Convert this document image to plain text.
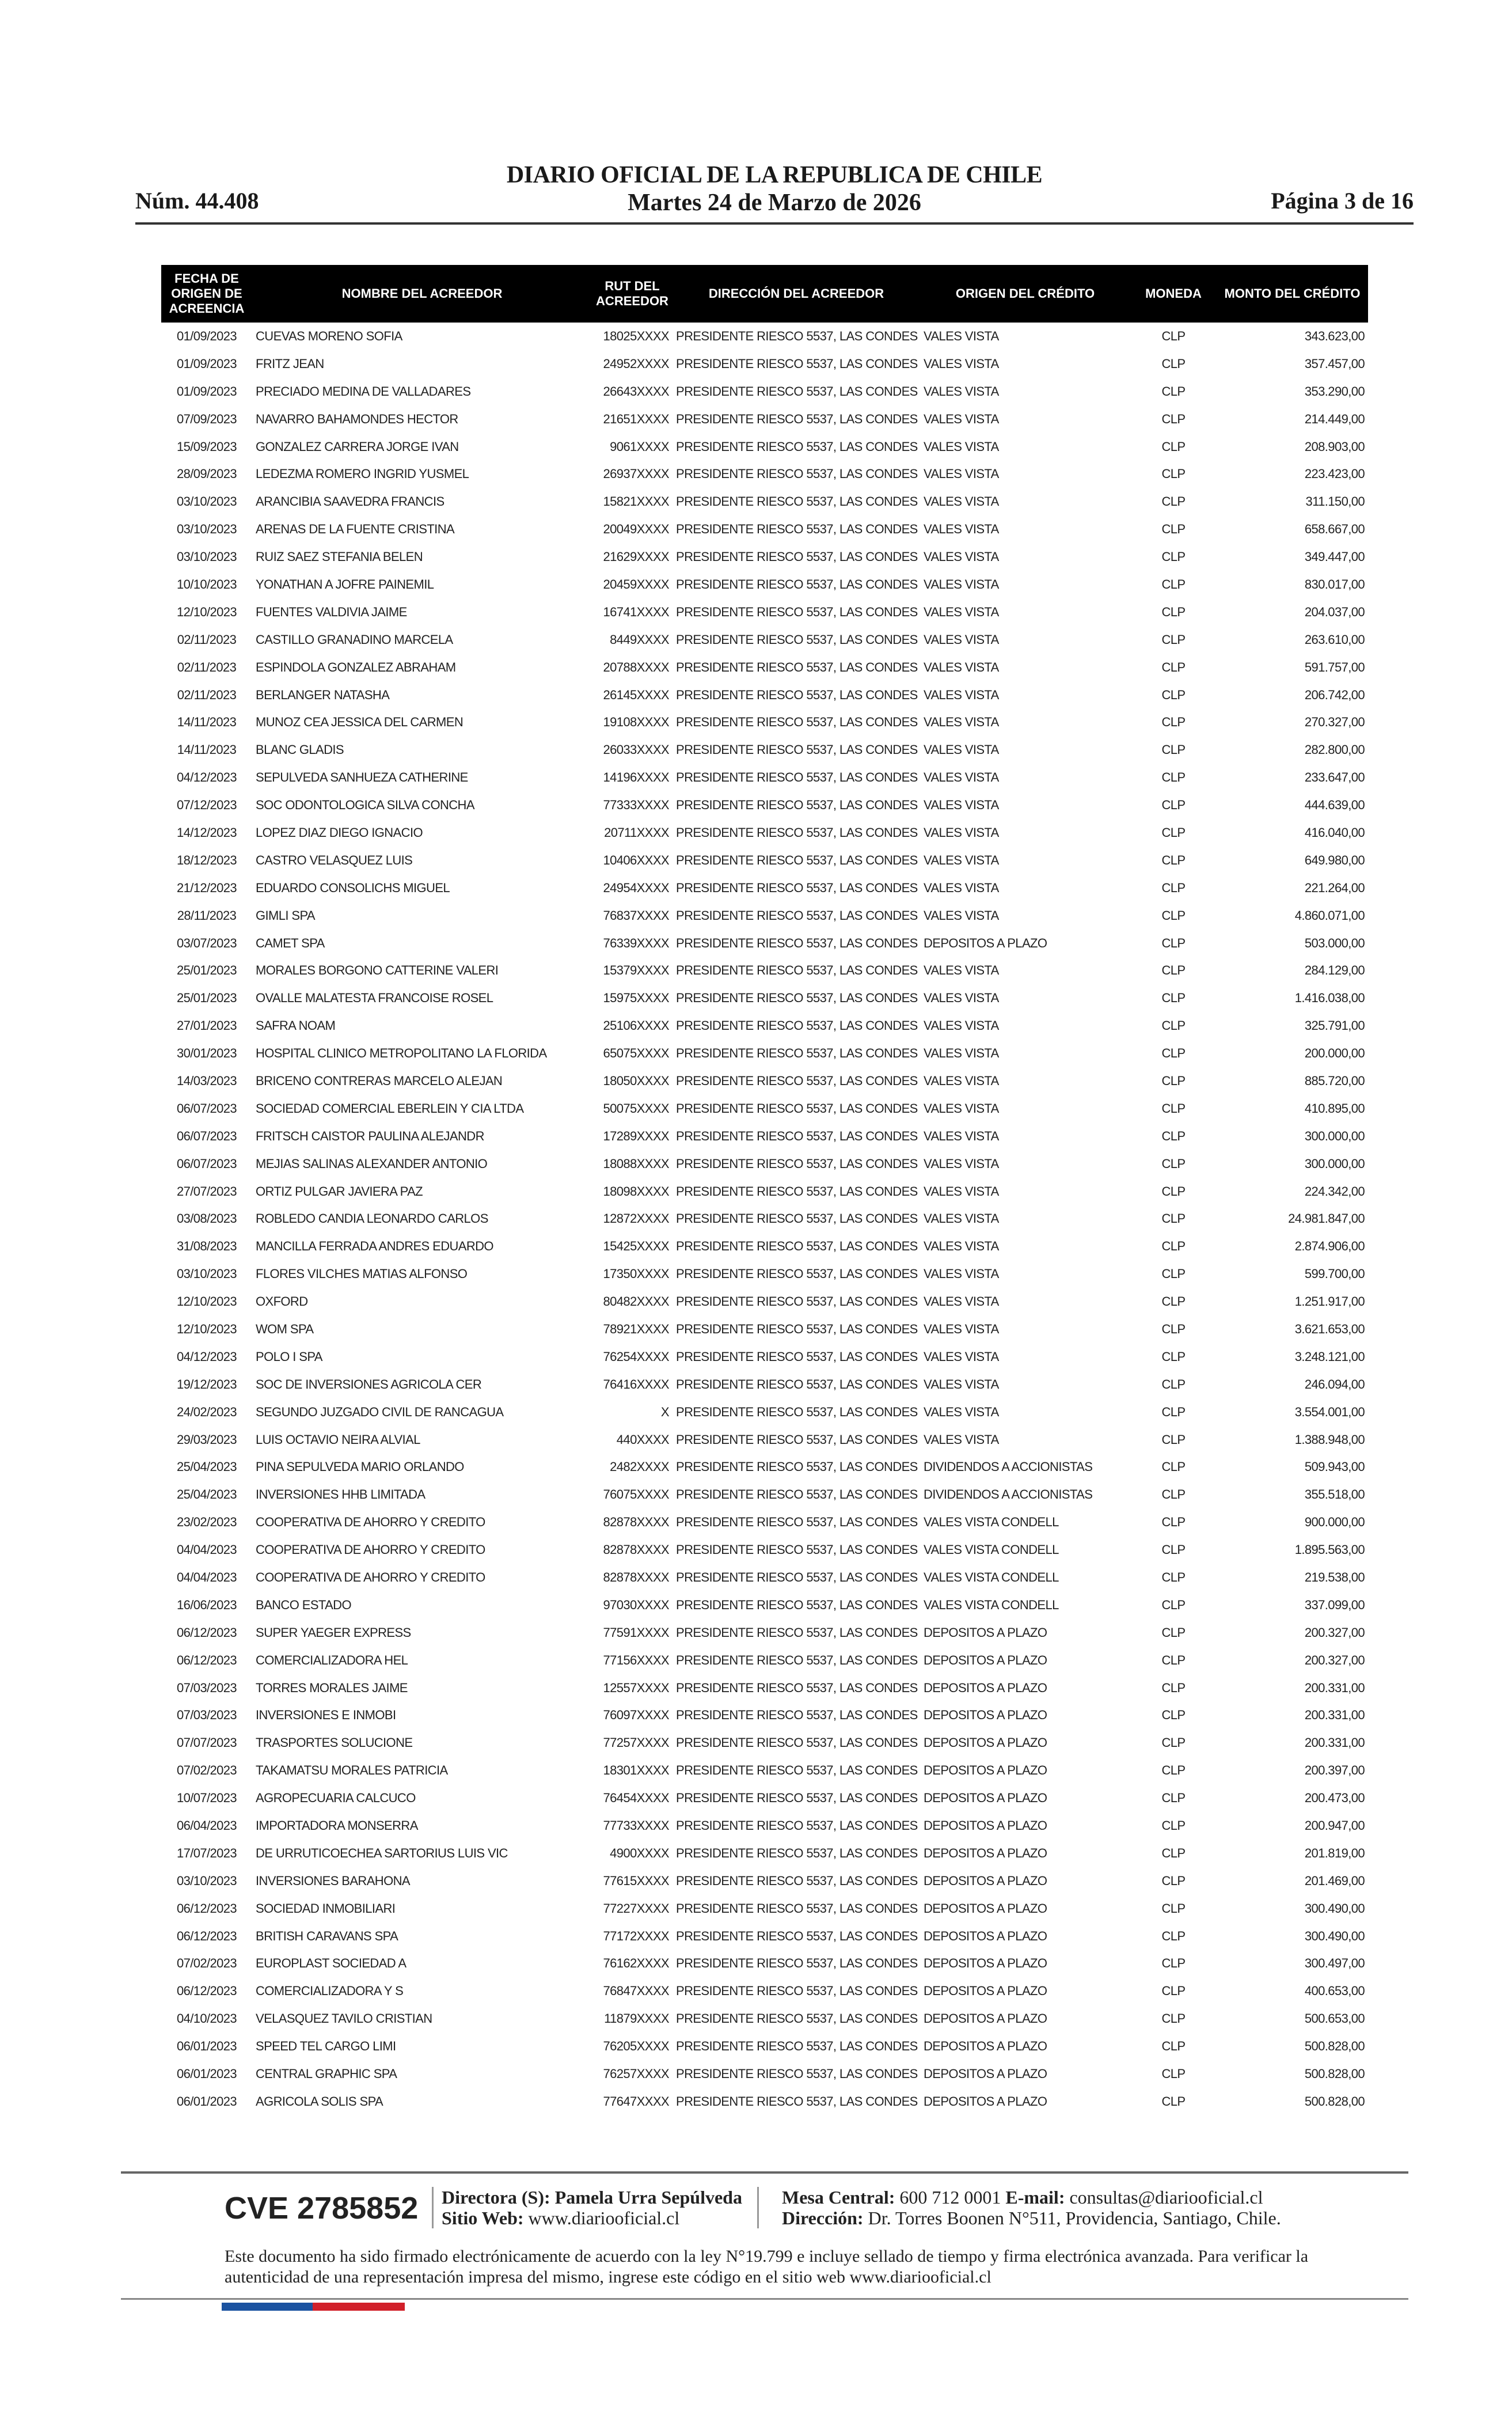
Núm. 44.408
DIARIO OFICIAL DE LA REPUBLICA DE CHILE
Martes 24 de Marzo de 2026	Página 3 de 16
FECHA DE ORIGEN DE ACREENCIA	NOMBRE DEL ACREEDOR	RUT DEL ACREEDOR	DIRECCIÓN DEL ACREEDOR	ORIGEN DEL CRÉDITO	MONEDA	MONTO DEL CRÉDITO
01/09/2023	CUEVAS MORENO SOFIA	18025XXXX	PRESIDENTE RIESCO 5537, LAS CONDES	VALES VISTA	CLP	343.623,00
01/09/2023	FRITZ JEAN	24952XXXX	PRESIDENTE RIESCO 5537, LAS CONDES	VALES VISTA	CLP	357.457,00
01/09/2023	PRECIADO MEDINA DE VALLADARES	26643XXXX	PRESIDENTE RIESCO 5537, LAS CONDES	VALES VISTA	CLP	353.290,00
07/09/2023	NAVARRO BAHAMONDES HECTOR	21651XXXX	PRESIDENTE RIESCO 5537, LAS CONDES	VALES VISTA	CLP	214.449,00
15/09/2023	GONZALEZ CARRERA JORGE IVAN	9061XXXX	PRESIDENTE RIESCO 5537, LAS CONDES	VALES VISTA	CLP	208.903,00
28/09/2023	LEDEZMA ROMERO INGRID YUSMEL	26937XXXX	PRESIDENTE RIESCO 5537, LAS CONDES	VALES VISTA	CLP	223.423,00
03/10/2023	ARANCIBIA SAAVEDRA FRANCIS	15821XXXX	PRESIDENTE RIESCO 5537, LAS CONDES	VALES VISTA	CLP	311.150,00
03/10/2023	ARENAS DE LA FUENTE CRISTINA	20049XXXX	PRESIDENTE RIESCO 5537, LAS CONDES	VALES VISTA	CLP	658.667,00
03/10/2023	RUIZ SAEZ STEFANIA BELEN	21629XXXX	PRESIDENTE RIESCO 5537, LAS CONDES	VALES VISTA	CLP	349.447,00
10/10/2023	YONATHAN A JOFRE PAINEMIL	20459XXXX	PRESIDENTE RIESCO 5537, LAS CONDES	VALES VISTA	CLP	830.017,00
12/10/2023	FUENTES VALDIVIA JAIME	16741XXXX	PRESIDENTE RIESCO 5537, LAS CONDES	VALES VISTA	CLP	204.037,00
02/11/2023	CASTILLO GRANADINO MARCELA	8449XXXX	PRESIDENTE RIESCO 5537, LAS CONDES	VALES VISTA	CLP	263.610,00
02/11/2023	ESPINDOLA GONZALEZ ABRAHAM	20788XXXX	PRESIDENTE RIESCO 5537, LAS CONDES	VALES VISTA	CLP	591.757,00
02/11/2023	BERLANGER NATASHA	26145XXXX	PRESIDENTE RIESCO 5537, LAS CONDES	VALES VISTA	CLP	206.742,00
14/11/2023	MUNOZ CEA JESSICA DEL CARMEN	19108XXXX	PRESIDENTE RIESCO 5537, LAS CONDES	VALES VISTA	CLP	270.327,00
14/11/2023	BLANC GLADIS	26033XXXX	PRESIDENTE RIESCO 5537, LAS CONDES	VALES VISTA	CLP	282.800,00
04/12/2023	SEPULVEDA SANHUEZA CATHERINE	14196XXXX	PRESIDENTE RIESCO 5537, LAS CONDES	VALES VISTA	CLP	233.647,00
07/12/2023	SOC ODONTOLOGICA SILVA CONCHA	77333XXXX	PRESIDENTE RIESCO 5537, LAS CONDES	VALES VISTA	CLP	444.639,00
14/12/2023	LOPEZ DIAZ DIEGO IGNACIO	20711XXXX	PRESIDENTE RIESCO 5537, LAS CONDES	VALES VISTA	CLP	416.040,00
18/12/2023	CASTRO VELASQUEZ LUIS	10406XXXX	PRESIDENTE RIESCO 5537, LAS CONDES	VALES VISTA	CLP	649.980,00
21/12/2023	EDUARDO CONSOLICHS MIGUEL	24954XXXX	PRESIDENTE RIESCO 5537, LAS CONDES	VALES VISTA	CLP	221.264,00
28/11/2023	GIMLI SPA	76837XXXX	PRESIDENTE RIESCO 5537, LAS CONDES	VALES VISTA	CLP	4.860.071,00
03/07/2023	CAMET SPA	76339XXXX	PRESIDENTE RIESCO 5537, LAS CONDES	DEPOSITOS A PLAZO	CLP	503.000,00
25/01/2023	MORALES BORGONO CATTERINE VALERI	15379XXXX	PRESIDENTE RIESCO 5537, LAS CONDES	VALES VISTA	CLP	284.129,00
25/01/2023	OVALLE MALATESTA FRANCOISE ROSEL	15975XXXX	PRESIDENTE RIESCO 5537, LAS CONDES	VALES VISTA	CLP	1.416.038,00
27/01/2023	SAFRA NOAM	25106XXXX	PRESIDENTE RIESCO 5537, LAS CONDES	VALES VISTA	CLP	325.791,00
30/01/2023	HOSPITAL CLINICO METROPOLITANO LA FLORIDA	65075XXXX	PRESIDENTE RIESCO 5537, LAS CONDES	VALES VISTA	CLP	200.000,00
14/03/2023	BRICENO CONTRERAS MARCELO ALEJAN	18050XXXX	PRESIDENTE RIESCO 5537, LAS CONDES	VALES VISTA	CLP	885.720,00
06/07/2023	SOCIEDAD COMERCIAL EBERLEIN Y CIA LTDA	50075XXXX	PRESIDENTE RIESCO 5537, LAS CONDES	VALES VISTA	CLP	410.895,00
06/07/2023	FRITSCH CAISTOR PAULINA ALEJANDR	17289XXXX	PRESIDENTE RIESCO 5537, LAS CONDES	VALES VISTA	CLP	300.000,00
06/07/2023	MEJIAS SALINAS ALEXANDER ANTONIO	18088XXXX	PRESIDENTE RIESCO 5537, LAS CONDES	VALES VISTA	CLP	300.000,00
27/07/2023	ORTIZ PULGAR JAVIERA PAZ	18098XXXX	PRESIDENTE RIESCO 5537, LAS CONDES	VALES VISTA	CLP	224.342,00
03/08/2023	ROBLEDO CANDIA LEONARDO CARLOS	12872XXXX	PRESIDENTE RIESCO 5537, LAS CONDES	VALES VISTA	CLP	24.981.847,00
31/08/2023	MANCILLA FERRADA ANDRES EDUARDO	15425XXXX	PRESIDENTE RIESCO 5537, LAS CONDES	VALES VISTA	CLP	2.874.906,00
03/10/2023	FLORES VILCHES MATIAS ALFONSO	17350XXXX	PRESIDENTE RIESCO 5537, LAS CONDES	VALES VISTA	CLP	599.700,00
12/10/2023	OXFORD	80482XXXX	PRESIDENTE RIESCO 5537, LAS CONDES	VALES VISTA	CLP	1.251.917,00
12/10/2023	WOM SPA	78921XXXX	PRESIDENTE RIESCO 5537, LAS CONDES	VALES VISTA	CLP	3.621.653,00
04/12/2023	POLO I SPA	76254XXXX	PRESIDENTE RIESCO 5537, LAS CONDES	VALES VISTA	CLP	3.248.121,00
19/12/2023	SOC DE INVERSIONES AGRICOLA CER	76416XXXX	PRESIDENTE RIESCO 5537, LAS CONDES	VALES VISTA	CLP	246.094,00
24/02/2023	SEGUNDO JUZGADO CIVIL DE RANCAGUA	X	PRESIDENTE RIESCO 5537, LAS CONDES	VALES VISTA	CLP	3.554.001,00
29/03/2023	LUIS OCTAVIO NEIRA ALVIAL	440XXXX	PRESIDENTE RIESCO 5537, LAS CONDES	VALES VISTA	CLP	1.388.948,00
25/04/2023	PINA SEPULVEDA MARIO ORLANDO	2482XXXX	PRESIDENTE RIESCO 5537, LAS CONDES	DIVIDENDOS A ACCIONISTAS	CLP	509.943,00
25/04/2023	INVERSIONES HHB LIMITADA	76075XXXX	PRESIDENTE RIESCO 5537, LAS CONDES	DIVIDENDOS A ACCIONISTAS	CLP	355.518,00
23/02/2023	COOPERATIVA DE AHORRO Y CREDITO	82878XXXX	PRESIDENTE RIESCO 5537, LAS CONDES	VALES VISTA CONDELL	CLP	900.000,00
04/04/2023	COOPERATIVA DE AHORRO Y CREDITO	82878XXXX	PRESIDENTE RIESCO 5537, LAS CONDES	VALES VISTA CONDELL	CLP	1.895.563,00
04/04/2023	COOPERATIVA DE AHORRO Y CREDITO	82878XXXX	PRESIDENTE RIESCO 5537, LAS CONDES	VALES VISTA CONDELL	CLP	219.538,00
16/06/2023	BANCO ESTADO	97030XXXX	PRESIDENTE RIESCO 5537, LAS CONDES	VALES VISTA CONDELL	CLP	337.099,00
06/12/2023	SUPER YAEGER EXPRESS	77591XXXX	PRESIDENTE RIESCO 5537, LAS CONDES	DEPOSITOS A PLAZO	CLP	200.327,00
06/12/2023	COMERCIALIZADORA HEL	77156XXXX	PRESIDENTE RIESCO 5537, LAS CONDES	DEPOSITOS A PLAZO	CLP	200.327,00
07/03/2023	TORRES MORALES JAIME	12557XXXX	PRESIDENTE RIESCO 5537, LAS CONDES	DEPOSITOS A PLAZO	CLP	200.331,00
07/03/2023	INVERSIONES E INMOBI	76097XXXX	PRESIDENTE RIESCO 5537, LAS CONDES	DEPOSITOS A PLAZO	CLP	200.331,00
07/07/2023	TRASPORTES SOLUCIONE	77257XXXX	PRESIDENTE RIESCO 5537, LAS CONDES	DEPOSITOS A PLAZO	CLP	200.331,00
07/02/2023	TAKAMATSU MORALES PATRICIA	18301XXXX	PRESIDENTE RIESCO 5537, LAS CONDES	DEPOSITOS A PLAZO	CLP	200.397,00
10/07/2023	AGROPECUARIA CALCUCO	76454XXXX	PRESIDENTE RIESCO 5537, LAS CONDES	DEPOSITOS A PLAZO	CLP	200.473,00
06/04/2023	IMPORTADORA MONSERRA	77733XXXX	PRESIDENTE RIESCO 5537, LAS CONDES	DEPOSITOS A PLAZO	CLP	200.947,00
17/07/2023	DE URRUTICOECHEA SARTORIUS LUIS VIC	4900XXXX	PRESIDENTE RIESCO 5537, LAS CONDES	DEPOSITOS A PLAZO	CLP	201.819,00
03/10/2023	INVERSIONES BARAHONA	77615XXXX	PRESIDENTE RIESCO 5537, LAS CONDES	DEPOSITOS A PLAZO	CLP	201.469,00
06/12/2023	SOCIEDAD INMOBILIARI	77227XXXX	PRESIDENTE RIESCO 5537, LAS CONDES	DEPOSITOS A PLAZO	CLP	300.490,00
06/12/2023	BRITISH CARAVANS SPA	77172XXXX	PRESIDENTE RIESCO 5537, LAS CONDES	DEPOSITOS A PLAZO	CLP	300.490,00
07/02/2023	EUROPLAST SOCIEDAD A	76162XXXX	PRESIDENTE RIESCO 5537, LAS CONDES	DEPOSITOS A PLAZO	CLP	300.497,00
06/12/2023	COMERCIALIZADORA Y S	76847XXXX	PRESIDENTE RIESCO 5537, LAS CONDES	DEPOSITOS A PLAZO	CLP	400.653,00
04/10/2023	VELASQUEZ TAVILO CRISTIAN	11879XXXX	PRESIDENTE RIESCO 5537, LAS CONDES	DEPOSITOS A PLAZO	CLP	500.653,00
06/01/2023	SPEED TEL CARGO LIMI	76205XXXX	PRESIDENTE RIESCO 5537, LAS CONDES	DEPOSITOS A PLAZO	CLP	500.828,00
06/01/2023	CENTRAL GRAPHIC SPA	76257XXXX	PRESIDENTE RIESCO 5537, LAS CONDES	DEPOSITOS A PLAZO	CLP	500.828,00
06/01/2023	AGRICOLA SOLIS SPA	77647XXXX	PRESIDENTE RIESCO 5537, LAS CONDES	DEPOSITOS A PLAZO	CLP	500.828,00
CVE 2785852 Directora (S): Pamela Urra Sepúlveda
Sitio Web: www.diariooficial.cl
Mesa Central: 600 712 0001 E-mail: consultas@diariooficial.cl
Dirección: Dr. Torres Boonen N°511, Providencia, Santiago, Chile.
Este documento ha sido firmado electrónicamente de acuerdo con la ley N°19.799 e incluye sellado de tiempo y firma electrónica avanzada. Para verificar la autenticidad de una representación impresa del mismo, ingrese este código en el sitio web www.diariooficial.cl
